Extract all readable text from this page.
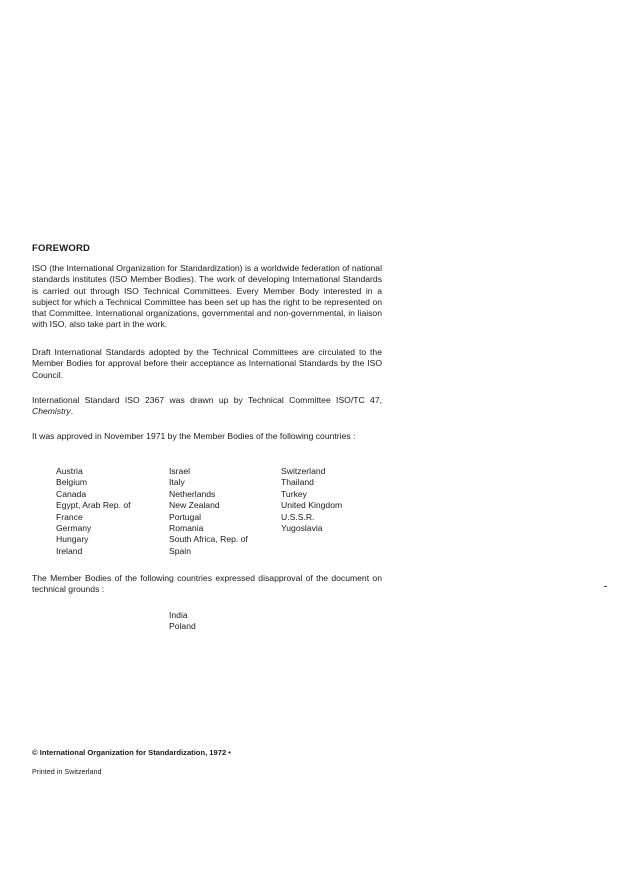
FOREWORD

ISO (the International Organization for Standardization) is a worldwide federation of national standards institutes (ISO Member Bodies). The work of developing International Standards is carried out through ISO Technical Committees. Every Member Body interested in a subject for which a Technical Committee has been set up has the right to be represented on that Committee. International organizations, governmental and non-governmental, in liaison with ISO, also take part in the work.

Draft International Standards adopted by the Technical Committees are circulated to the Member Bodies for approval before their acceptance as International Standards by the ISO Council.

International Standard ISO 2367 was drawn up by Technical Committee ISO/TC 47, Chemistry.

It was approved in November 1971 by the Member Bodies of the following countries :

Austria
Belgium
Canada
Egypt, Arab Rep. of
France
Germany
Hungary
Ireland
Israel
Italy
Netherlands
New Zealand
Portugal
Romania
South Africa, Rep. of
Spain
Switzerland
Thailand
Turkey
United Kingdom
U.S.S.R.
Yugoslavia

The Member Bodies of the following countries expressed disapproval of the document on technical grounds :

India
Poland
© International Organization for Standardization, 1972 •
Printed in Switzerland
